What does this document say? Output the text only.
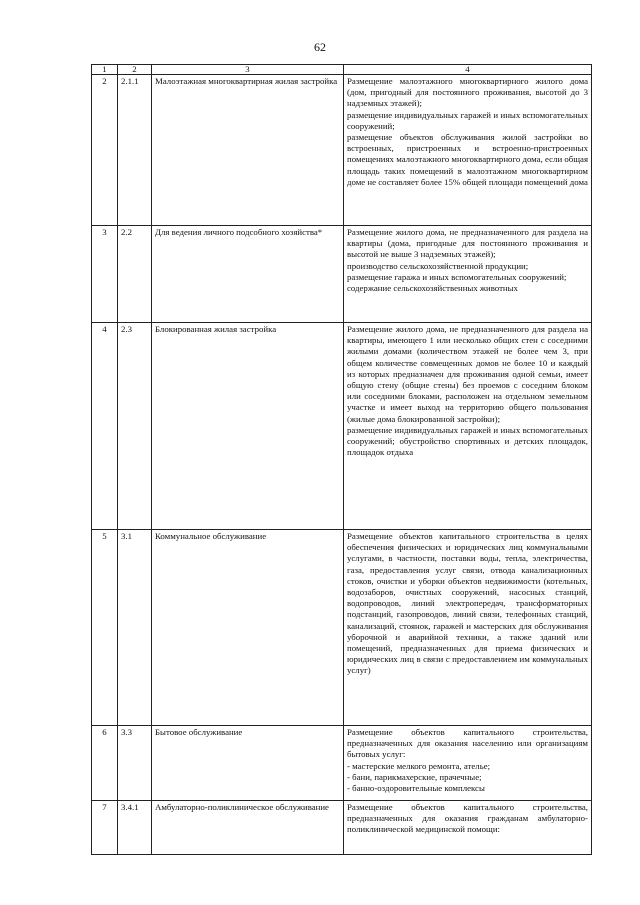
62
1	2	3	4
2	2.1.1	Малоэтажная многоквартирная жилая застройка	Размещение малоэтажного многоквартирного жилого дома (дом, пригодный для постоянного проживания, высотой до 3 надземных этажей);
размещение индивидуальных гаражей и иных вспомогательных сооружений;
размещение объектов обслуживания жилой застройки во встроенных, пристроенных и встроенно-пристроенных помещениях малоэтажного многоквартирного дома, если общая площадь таких помещений в малоэтажном многоквартирном доме не составляет более 15% общей площади помещений дома

3	2.2	Для ведения личного подсобного хозяйства*	Размещение жилого дома, не предназначенного для раздела на квартиры (дома, пригодные для постоянного проживания и высотой не выше 3 надземных этажей);
производство сельскохозяйственной продукции;
размещение гаража и иных вспомогательных сооружений;
содержание сельскохозяйственных животных

4	2.3	Блокированная жилая застройка	Размещение жилого дома, не предназначенного для раздела на квартиры, имеющего 1 или несколько общих стен с соседними жилыми домами (количеством этажей не более чем 3, при общем количестве совмещенных домов не более 10 и каждый из которых предназначен для проживания одной семьи, имеет общую стену (общие стены) без проемов с соседним блоком или соседними блоками, расположен на отдельном земельном участке и имеет выход на территорию общего пользования (жилые дома блокированной застройки);
размещение индивидуальных гаражей и иных вспомогательных сооружений; обустройство спортивных и детских площадок, площадок отдыха

5	3.1	Коммунальное обслуживание	Размещение объектов капитального строительства в целях обеспечения физических и юридических лиц коммунальными услугами, в частности, поставки воды, тепла, электричества, газа, предоставления услуг связи, отвода канализационных стоков, очистки и уборки объектов недвижимости (котельных, водозаборов, очистных сооружений, насосных станций, водопроводов, линий электропередач, трансформаторных подстанций, газопроводов, линий связи, телефонных станций, канализаций, стоянок, гаражей и мастерских для обслуживания уборочной и аварийной техники, а также зданий или помещений, предназначенных для приема физических и юридических лиц в связи с предоставлением им коммунальных услуг)

6	3.3	Бытовое обслуживание	Размещение объектов капитального строительства, предназначенных для оказания населению или организациям бытовых услуг:
- мастерские мелкого ремонта, ателье;
- бани, парикмахерские, прачечные;
- банно-оздоровительные комплексы

7	3.4.1	Амбулаторно-поликлиническое обслуживание	Размещение объектов капитального строительства, предназначенных для оказания гражданам амбулаторно-поликлинической медицинской помощи:
